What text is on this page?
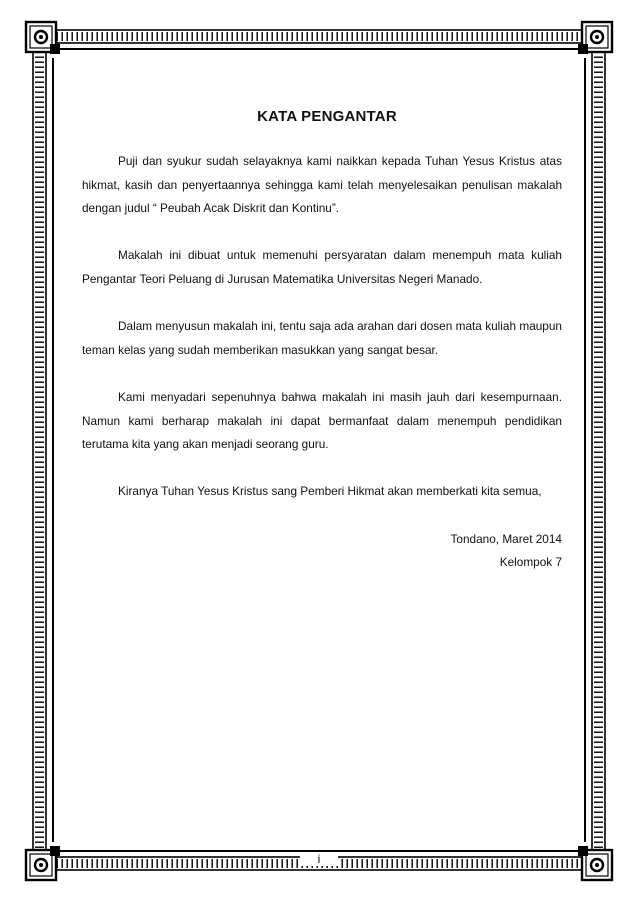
KATA PENGANTAR

Puji dan syukur sudah selayaknya kami naikkan kepada Tuhan Yesus Kristus atas hikmat, kasih dan penyertaannya sehingga kami telah menyelesaikan penulisan makalah dengan judul “ Peubah Acak Diskrit dan Kontinu”.

Makalah ini dibuat untuk memenuhi persyaratan dalam menempuh mata kuliah Pengantar Teori Peluang di Jurusan Matematika Universitas Negeri Manado.

Dalam menyusun makalah ini, tentu saja ada arahan dari dosen mata kuliah maupun teman kelas yang sudah memberikan masukkan yang sangat besar.

Kami menyadari sepenuhnya bahwa makalah ini masih jauh dari kesempurnaan. Namun kami berharap makalah ini dapat bermanfaat dalam menempuh pendidikan terutama kita yang akan menjadi seorang guru.

Kiranya Tuhan Yesus Kristus sang Pemberi Hikmat akan memberkati kita semua,

Tondano, Maret 2014
Kelompok 7
i
